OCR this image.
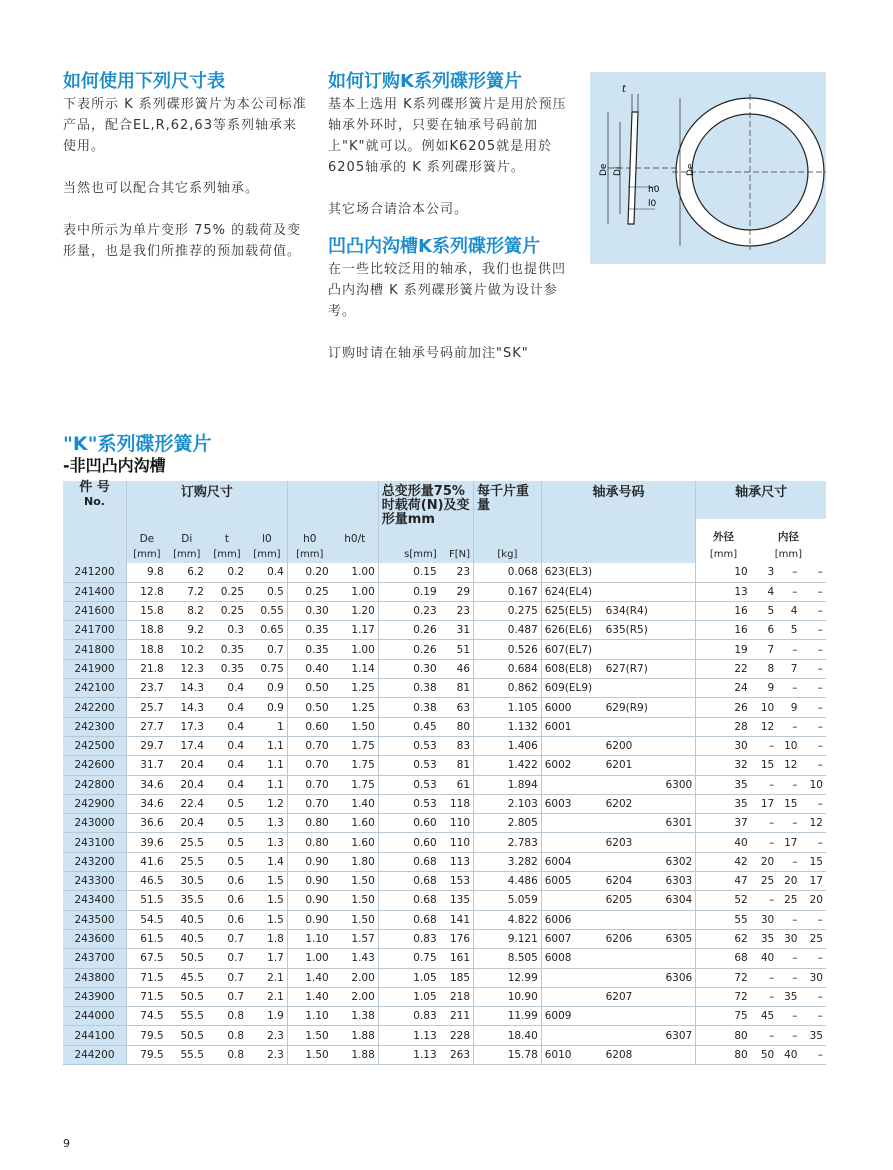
如何使用下列尺寸表

下表所示 K 系列碟形簧片为本公司标准产品，配合EL,R,62,63等系列轴承来使用。

当然也可以配合其它系列轴承。

表中所示为单片变形 75% 的载荷及变形量，也是我们所推荐的预加载荷值。

如何订购K系列碟形簧片

基本上选用 K系列碟形簧片是用於预压轴承外环时，只要在轴承号码前加上"K"就可以。例如K6205就是用於6205轴承的 K 系列碟形簧片。

其它场合请洽本公司。

凹凸内沟槽K系列碟形簧片

在一些比较泛用的轴承，我们也提供凹凸内沟槽 K 系列碟形簧片做为设计参考。

订购时请在轴承号码前加注"SK"

t
De Di
h0
l0
De
"K"系列碟形簧片
-非凹凸内沟槽
件 号
No.	订购尺寸						总变形量75%时载荷(N)及变形量mm		每千片重量	轴承号码			轴承尺寸			
	De	Di	t	l0	h0	h0/t							外径	内径		
	[mm]	[mm]	[mm]	[mm]	[mm]		s[mm]	F[N]	[kg]				[mm]	[mm]		
241200	9.8	6.2	0.2	0.4	0.20	1.00	0.15	23	0.068	623(EL3)			10	3	–	–
241400	12.8	7.2	0.25	0.5	0.25	1.00	0.19	29	0.167	624(EL4)			13	4	–	–
241600	15.8	8.2	0.25	0.55	0.30	1.20	0.23	23	0.275	625(EL5)	634(R4)		16	5	4	–
241700	18.8	9.2	0.3	0.65	0.35	1.17	0.26	31	0.487	626(EL6)	635(R5)		16	6	5	–
241800	18.8	10.2	0.35	0.7	0.35	1.00	0.26	51	0.526	607(EL7)			19	7	–	–
241900	21.8	12.3	0.35	0.75	0.40	1.14	0.30	46	0.684	608(EL8)	627(R7)		22	8	7	–
242100	23.7	14.3	0.4	0.9	0.50	1.25	0.38	81	0.862	609(EL9)			24	9	–	–
242200	25.7	14.3	0.4	0.9	0.50	1.25	0.38	63	1.105	6000	629(R9)		26	10	9	–
242300	27.7	17.3	0.4	1	0.60	1.50	0.45	80	1.132	6001			28	12	–	–
242500	29.7	17.4	0.4	1.1	0.70	1.75	0.53	83	1.406		6200		30	–	10	–
242600	31.7	20.4	0.4	1.1	0.70	1.75	0.53	81	1.422	6002	6201		32	15	12	–
242800	34.6	20.4	0.4	1.1	0.70	1.75	0.53	61	1.894			6300	35	–	–	10
242900	34.6	22.4	0.5	1.2	0.70	1.40	0.53	118	2.103	6003	6202		35	17	15	–
243000	36.6	20.4	0.5	1.3	0.80	1.60	0.60	110	2.805			6301	37	–	–	12
243100	39.6	25.5	0.5	1.3	0.80	1.60	0.60	110	2.783		6203		40	–	17	–
243200	41.6	25.5	0.5	1.4	0.90	1.80	0.68	113	3.282	6004		6302	42	20	–	15
243300	46.5	30.5	0.6	1.5	0.90	1.50	0.68	153	4.486	6005	6204	6303	47	25	20	17
243400	51.5	35.5	0.6	1.5	0.90	1.50	0.68	135	5.059		6205	6304	52	–	25	20
243500	54.5	40.5	0.6	1.5	0.90	1.50	0.68	141	4.822	6006			55	30	–	–
243600	61.5	40.5	0.7	1.8	1.10	1.57	0.83	176	9.121	6007	6206	6305	62	35	30	25
243700	67.5	50.5	0.7	1.7	1.00	1.43	0.75	161	8.505	6008			68	40	–	–
243800	71.5	45.5	0.7	2.1	1.40	2.00	1.05	185	12.99			6306	72	–	–	30
243900	71.5	50.5	0.7	2.1	1.40	2.00	1.05	218	10.90		6207		72	–	35	–
244000	74.5	55.5	0.8	1.9	1.10	1.38	0.83	211	11.99	6009			75	45	–	–
244100	79.5	50.5	0.8	2.3	1.50	1.88	1.13	228	18.40			6307	80	–	–	35
244200	79.5	55.5	0.8	2.3	1.50	1.88	1.13	263	15.78	6010	6208		80	50	40	–
9
